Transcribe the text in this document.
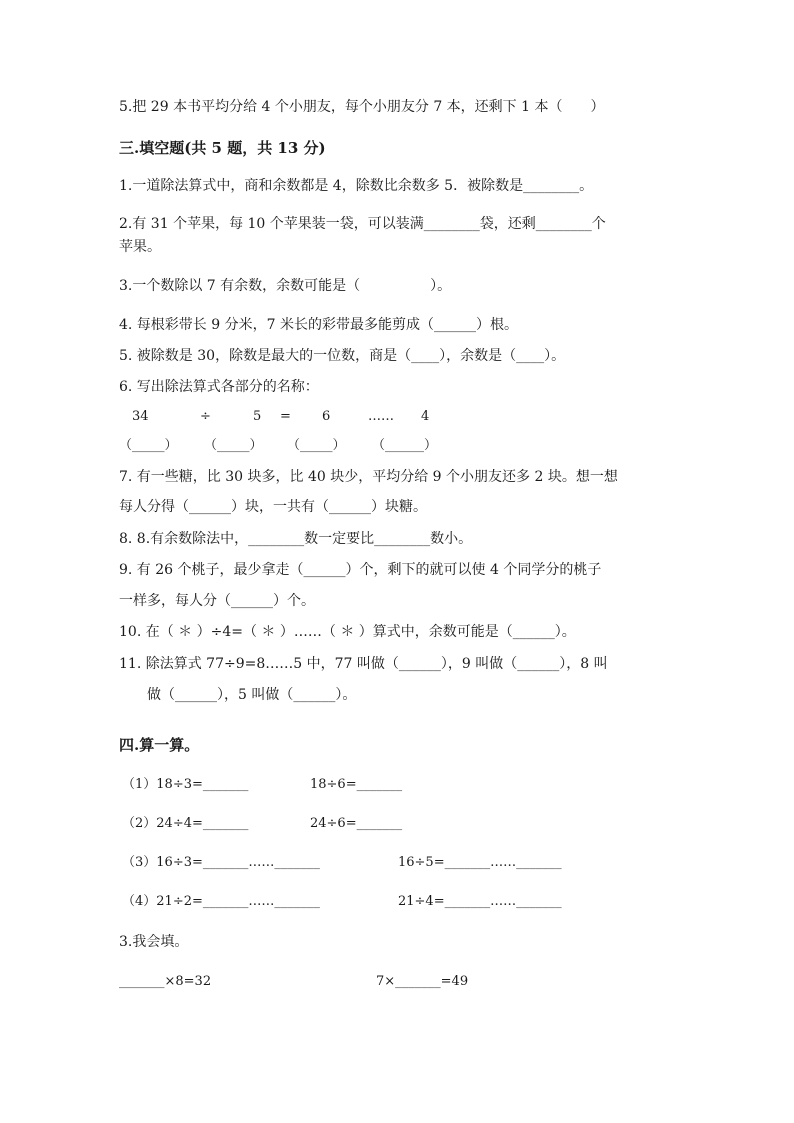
5.把 29 本书平均分给 4 个小朋友，每个小朋友分 7 本，还剩下 1 本（　　）
三.填空题(共 5 题，共 13 分)
1.一道除法算式中，商和余数都是 4，除数比余数多 5．被除数是________。
2.有 31 个苹果，每 10 个苹果装一袋，可以装满________袋，还剩________个
苹果。
3.一个数除以 7 有余数，余数可能是（　　　　　）。
4. 每根彩带长 9 分米，7 米长的彩带最多能剪成（______）根。
5. 被除数是 30，除数是最大的一位数，商是（____），余数是（____）。
6. 写出除法算式各部分的名称：
34	÷	5 = 6	…… 4
（_____） （_____） （_____） （______）
7. 有一些糖，比 30 块多，比 40 块少，平均分给 9 个小朋友还多 2 块。想一想
每人分得（______）块，一共有（______）块糖。
8. 8.有余数除法中，________数一定要比________数小。
9. 有 26 个桃子，最少拿走（______）个，剩下的就可以使 4 个同学分的桃子
一样多，每人分（______）个。
10. 在（ ＊ ）÷4=（ ＊ ）……（ ＊ ）算式中，余数可能是（______）。
11. 除法算式 77÷9=8……5 中，77 叫做（______），9 叫做（______），8 叫
做（______），5 叫做（______）。
四.算一算。
（1）18÷3=_______	18÷6=_______
（2）24÷4=_______	24÷6=_______
（3）16÷3=_______……_______	16÷5=_______……_______
（4）21÷2=_______……_______	21÷4=_______……_______
3.我会填。
_______×8=32	7×_______=49
